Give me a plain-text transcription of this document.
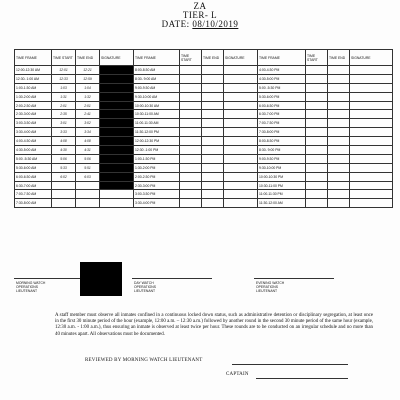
ZA
TIER- L
DATE: 08/10/2019
TIME FRAME	TIME START	TIME END	SIGNATURE	TIME FRAME	TIME START	TIME END	SIGNATURE	TIME FRAME	TIME START	TIME END	SIGNATURE
12:00-12:30 AM	12:01	12:21		8:00-8:30 AM				4:00-4:30 PM			
12:30- 1:00 AM	12:33	12:59		8:30- 9:00 AM				4:30-5:00 PM			
1:00-1:30 AM	1:03	1:04		9:00-9:30 AM				5:00 -5:30 PM			
1:30-2:00 AM	1:31	1:32		9:30-10:00 AM				5:30-6:00 PM			
2:00-2:30 AM	2:01	2:01		10:00-10:30 AM				6:00-6:30 PM			
2:30-3:00 AM	2:35	2:41		10:30-11:00 AM				6:30-7:00 PM			
3:00-3:30 AM	3:01	3:02		11:00-11:30 AM				7:00-7:30 PM			
3:30-4:00 AM	3:33	3:34		11:30-12:00 PM				7:30-8:00 PM			
4:00-4:30 AM	4:08	4:08		12:00-12:30 PM				8:00-8:30 PM			
4:30-5:00 AM	4:30	4:31		12:30 -1:00 PM				8:30- 9:00 PM			
5:00 -5:30 AM	5:06	5:06		1:00-1:30 PM				9:00-9:30 PM			
5:30-6:00 AM	5:33	5:51		1:30-2:00 PM				9:30-10:00 PM			
6:00-6:30 AM	6:02	6:03		2:00-2:30 PM				10:00-10:30 PM			
6:30-7:00 AM				2:30-3:00 PM				10:30-11:00 PM			
7:00-7:30 AM				3:00-3:30 PM				11:00-11:30 PM			
7:30-8:00 AM				3:30-4:00 PM				11:30-12:00 AM			
MORNING WATCH
OPERATIONS
LIEUTENANT
DAY WATCH
OPERATIONS
LIEUTENANT
EVENING WATCH
OPERATIONS
LIEUTENANT
A staff member must observe all inmates confined in a continuous locked down status, such as administrative detention or disciplinary segregation, at least once in the first 30 minute period of the hour (example, 12:00 a.m. – 12:30 a.m.) followed by another round in the second 30 minute period of the same hour (example, 12:30 a.m. - 1:00 a.m.), thus ensuring an inmate is observed at least twice per hour. These rounds are to be conducted on an irregular schedule and no more than 40 minutes apart. All observations must be documented.
REVIEWED BY MORNING WATCH LIEUTENANT
CAPTAIN
